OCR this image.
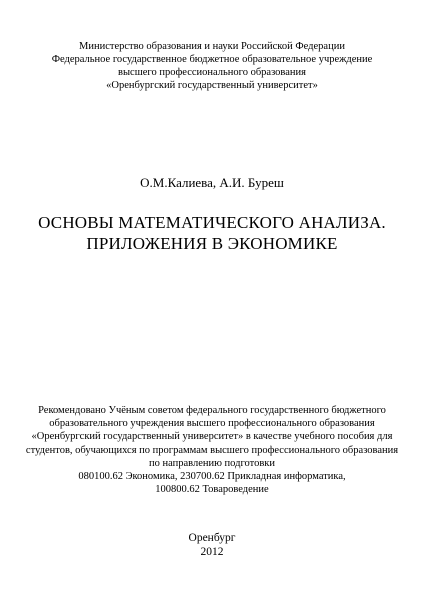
Министерство образования и науки Российской Федерации
Федеральное государственное бюджетное образовательное учреждение
высшего профессионального образования
«Оренбургский государственный университет»
О.М.Калиева, А.И. Буреш
ОСНОВЫ МАТЕМАТИЧЕСКОГО АНАЛИЗА.
ПРИЛОЖЕНИЯ В ЭКОНОМИКЕ
Рекомендовано Учёным советом федерального государственного бюджетного
образовательного учреждения высшего профессионального образования
«Оренбургский государственный университет» в качестве учебного пособия для
студентов, обучающихся по программам высшего профессионального образования
по направлению подготовки
080100.62 Экономика, 230700.62 Прикладная информатика,
100800.62 Товароведение
Оренбург
2012
